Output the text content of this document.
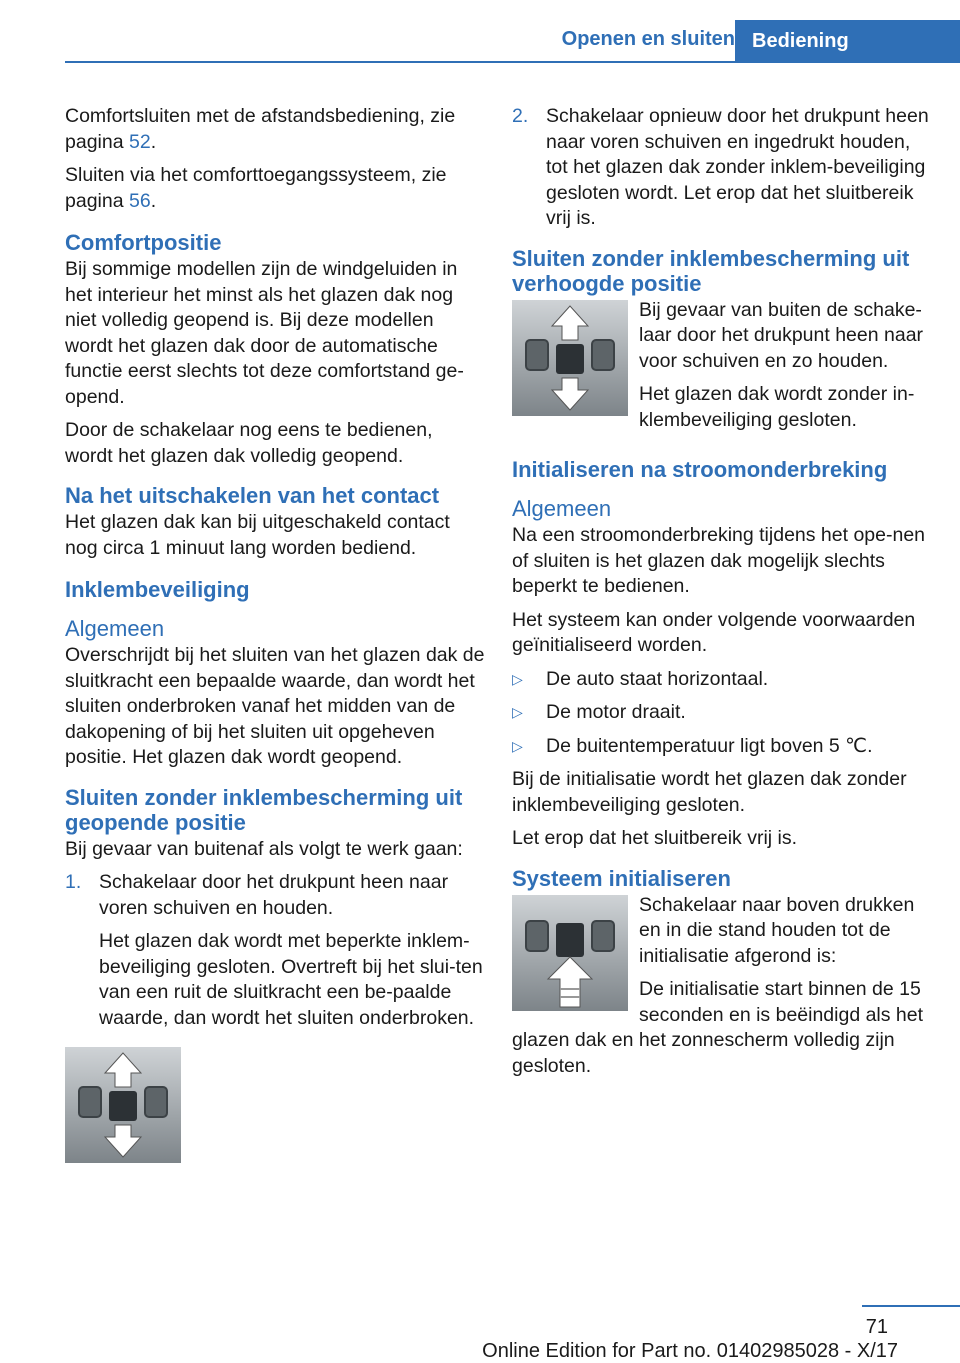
Openen en sluiten Bediening

Comfortsluiten met de afstandsbediening, zie pagina 52.

Sluiten via het comforttoegangssysteem, zie pagina 56.

Comfortpositie

Bij sommige modellen zijn de windgeluiden in het interieur het minst als het glazen dak nog niet volledig geopend is. Bij deze modellen wordt het glazen dak door de automatische functie eerst slechts tot deze comfortstand ge‐opend.

Door de schakelaar nog eens te bedienen, wordt het glazen dak volledig geopend.

Na het uitschakelen van het contact

Het glazen dak kan bij uitgeschakeld contact nog circa 1 minuut lang worden bediend.

Inklembeveiliging
Algemeen

Overschrijdt bij het sluiten van het glazen dak de sluitkracht een bepaalde waarde, dan wordt het sluiten onderbroken vanaf het midden van de dakopening of bij het sluiten uit opgeheven positie. Het glazen dak wordt geopend.

Sluiten zonder inklembescherming uit geopende positie

Bij gevaar van buitenaf als volgt te werk gaan:

1. Schakelaar door het drukpunt heen naar voren schuiven en houden.

Het glazen dak wordt met beperkte inklem‐beveiliging gesloten. Overtreft bij het slui‐ten van een ruit de sluitkracht een be‐paalde waarde, dan wordt het sluiten onderbroken.

2. Schakelaar opnieuw door het drukpunt heen naar voren schuiven en ingedrukt houden, tot het glazen dak zonder inklem‐beveiliging gesloten wordt. Let erop dat het sluitbereik vrij is.

Sluiten zonder inklembescherming uit verhoogde positie

Bij gevaar van buiten de schake‐laar door het drukpunt heen naar voor schuiven en zo houden.

Het glazen dak wordt zonder in‐klembeveiliging gesloten.

Initialiseren na stroomonderbreking
Algemeen

Na een stroomonderbreking tijdens het ope‐nen of sluiten is het glazen dak mogelijk slechts beperkt te bedienen.

Het systeem kan onder volgende voorwaarden geïnitialiseerd worden.

▷ De auto staat horizontaal.
▷ De motor draait.
▷ De buitentemperatuur ligt boven 5 ℃.

Bij de initialisatie wordt het glazen dak zonder inklembeveiliging gesloten.

Let erop dat het sluitbereik vrij is.

Systeem initialiseren

Schakelaar naar boven drukken en in die stand houden tot de initialisatie afgerond is:

De initialisatie start binnen de 15 seconden en is beëindigd als het glazen dak en het zonnescherm volledig zijn gesloten.

71
Online Edition for Part no. 01402985028 - X/17
